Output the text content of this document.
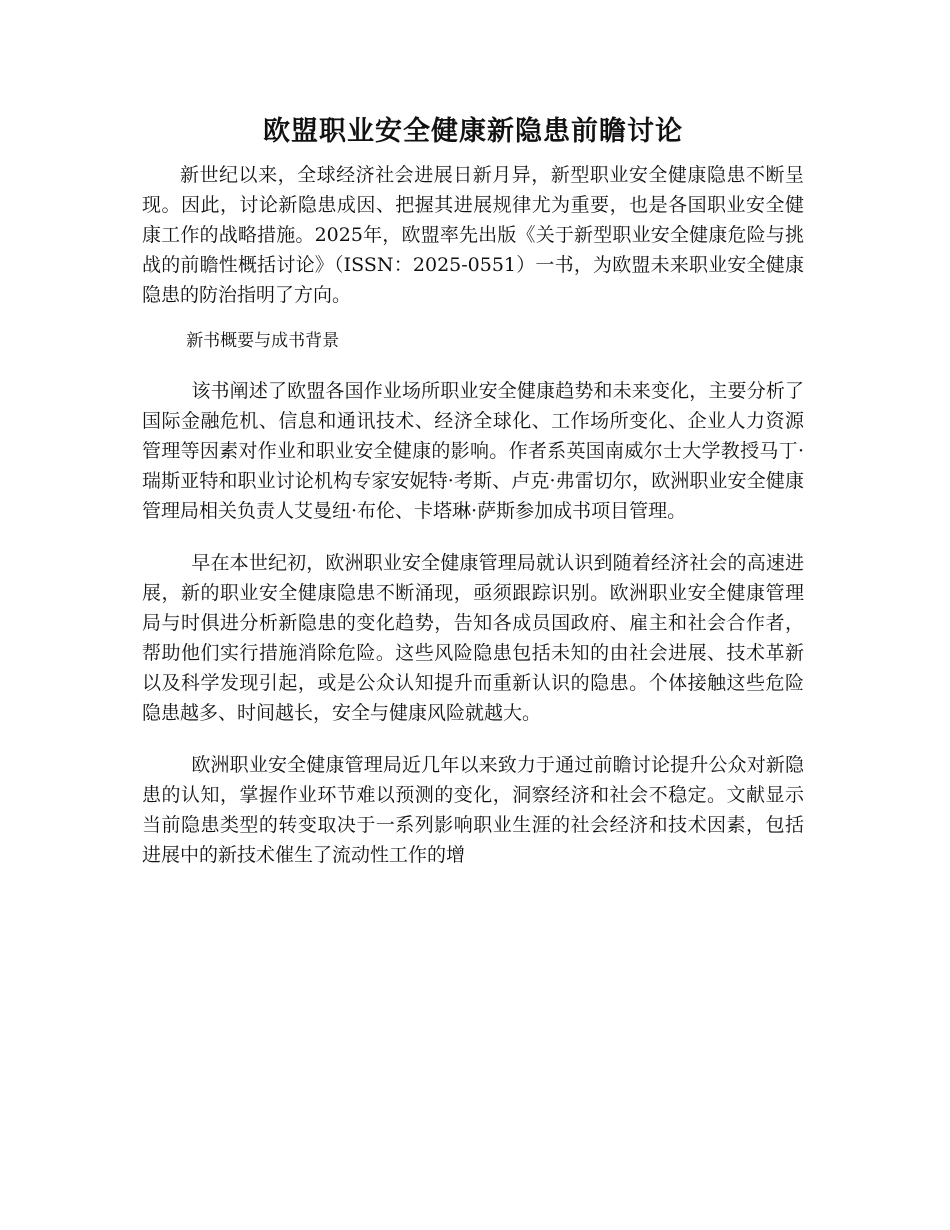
欧盟职业安全健康新隐患前瞻讨论

新世纪以来，全球经济社会进展日新月异，新型职业安全健康隐患不断呈现。因此，讨论新隐患成因、把握其进展规律尤为重要，也是各国职业安全健康工作的战略措施。2025年，欧盟率先出版《关于新型职业安全健康危险与挑战的前瞻性概括讨论》（ISSN：2025-0551）一书，为欧盟未来职业安全健康隐患的防治指明了方向。

新书概要与成书背景

该书阐述了欧盟各国作业场所职业安全健康趋势和未来变化，主要分析了国际金融危机、信息和通讯技术、经济全球化、工作场所变化、企业人力资源管理等因素对作业和职业安全健康的影响。作者系英国南威尔士大学教授马丁·瑞斯亚特和职业讨论机构专家安妮特·考斯、卢克·弗雷切尔，欧洲职业安全健康管理局相关负责人艾曼纽·布伦、卡塔琳·萨斯参加成书项目管理。

早在本世纪初，欧洲职业安全健康管理局就认识到随着经济社会的高速进展，新的职业安全健康隐患不断涌现，亟须跟踪识别。欧洲职业安全健康管理局与时俱进分析新隐患的变化趋势，告知各成员国政府、雇主和社会合作者，帮助他们实行措施消除危险。这些风险隐患包括未知的由社会进展、技术革新以及科学发现引起，或是公众认知提升而重新认识的隐患。个体接触这些危险隐患越多、时间越长，安全与健康风险就越大。

欧洲职业安全健康管理局近几年以来致力于通过前瞻讨论提升公众对新隐患的认知，掌握作业环节难以预测的变化，洞察经济和社会不稳定。文献显示当前隐患类型的转变取决于一系列影响职业生涯的社会经济和技术因素，包括进展中的新技术催生了流动性工作的增
